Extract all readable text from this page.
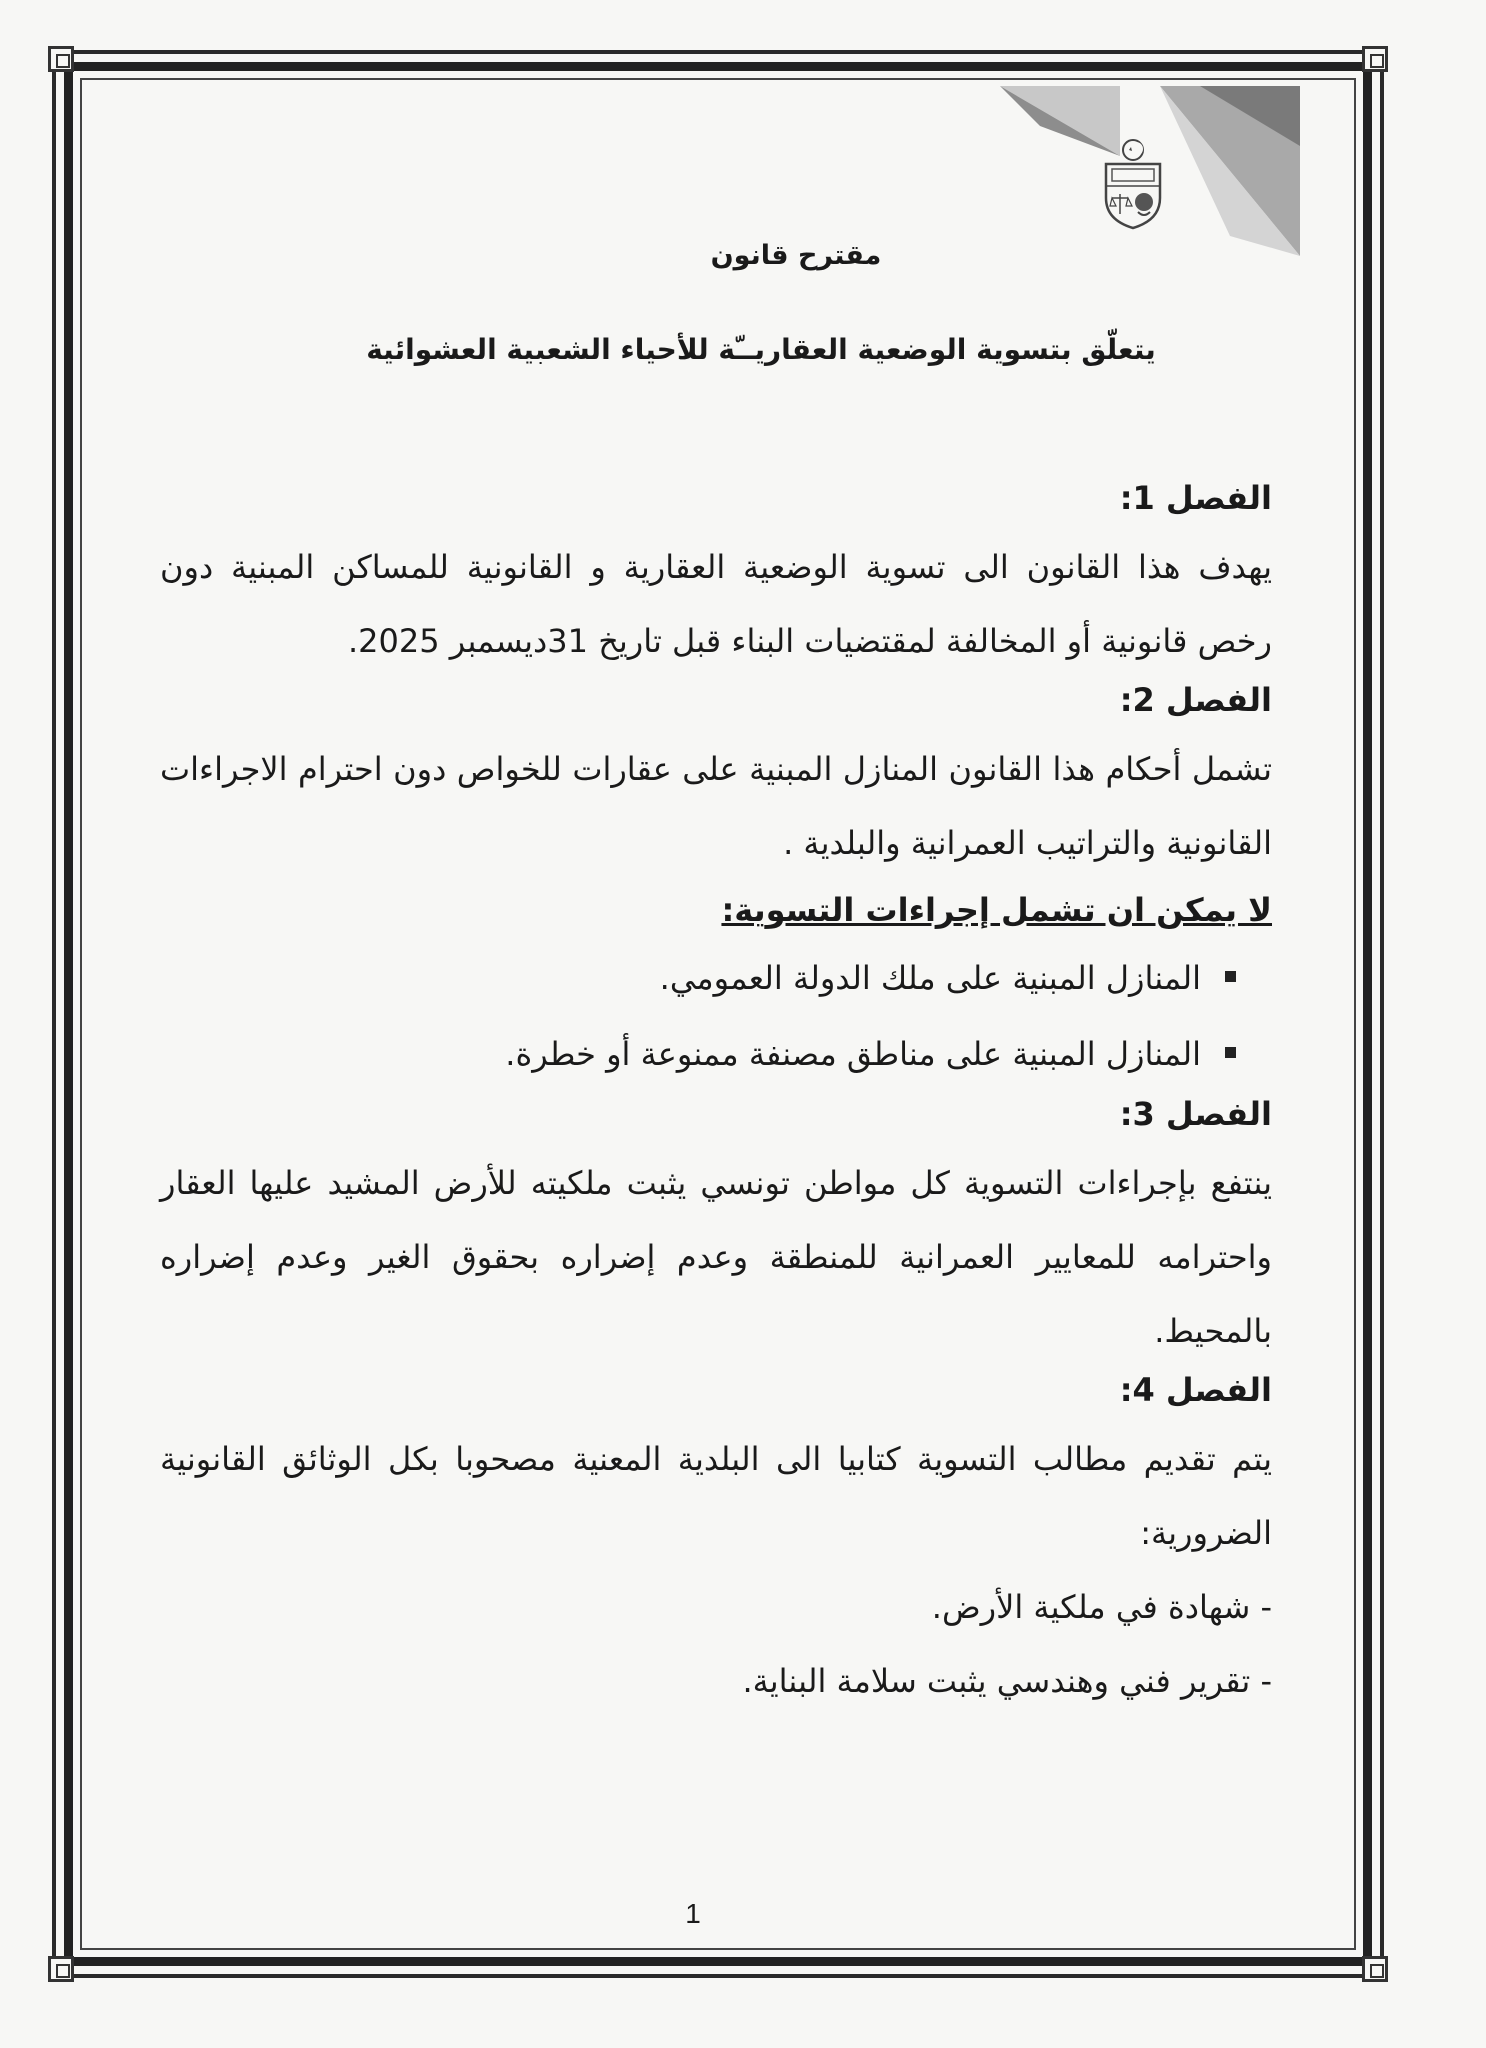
مقترح قانون
يتعلّق بتسوية الوضعية العقاريــّة للأحياء الشعبية العشوائية

الفصل 1:

يهدف هذا القانون الى تسوية الوضعية العقارية و القانونية للمساكن المبنية دون رخص قانونية أو المخالفة لمقتضيات البناء قبل تاريخ 31ديسمبر 2025.

الفصل 2:

تشمل أحكام هذا القانون المنازل المبنية على عقارات للخواص دون احترام الاجراءات القانونية والتراتيب العمرانية والبلدية .

لا يمكن ان تشمل إجراءات التسوية:

المنازل المبنية على ملك الدولة العمومي.
المنازل المبنية على مناطق مصنفة ممنوعة أو خطرة.

الفصل 3:

ينتفع بإجراءات التسوية كل مواطن تونسي يثبت ملكيته للأرض المشيد عليها العقار واحترامه للمعايير العمرانية للمنطقة وعدم إضراره بحقوق الغير وعدم إضراره بالمحيط.

الفصل 4:

يتم تقديم مطالب التسوية كتابيا الى البلدية المعنية مصحوبا بكل الوثائق القانونية الضرورية:

- شهادة في ملكية الأرض.
- تقرير فني وهندسي يثبت سلامة البناية.
1
